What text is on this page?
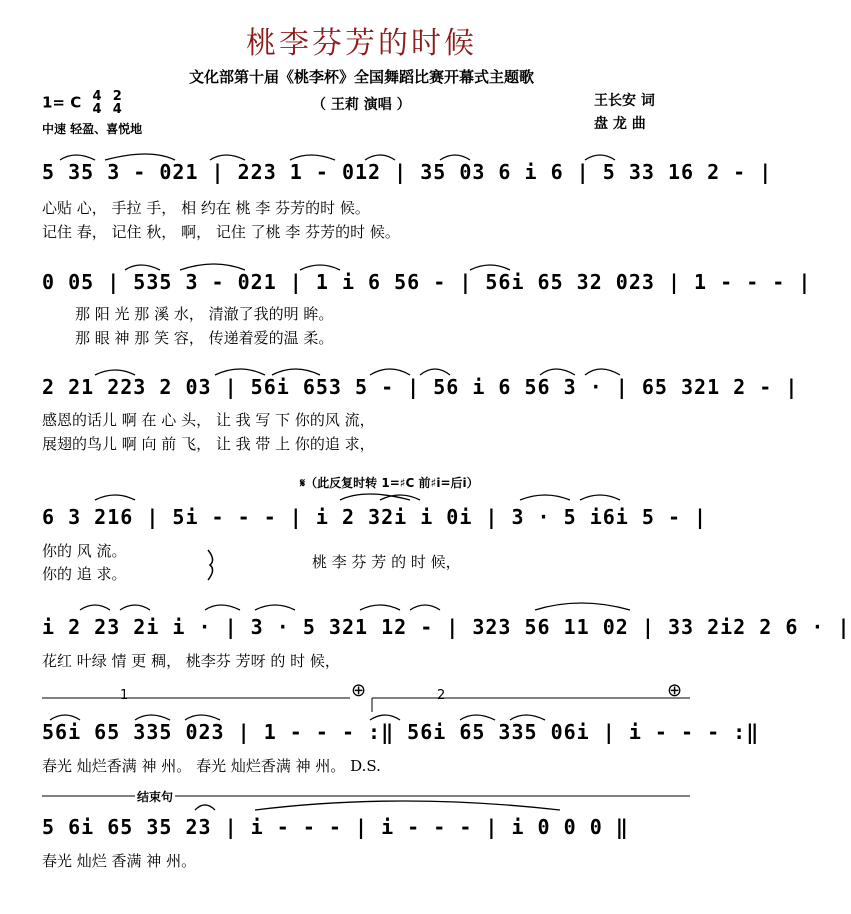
桃李芬芳的时候
文化部第十届《桃李杯》全国舞蹈比赛开幕式主题歌
1= C 4
4 2
4
中速 轻盈、喜悦地
（ 王莉 演唱 ）	王长安 词
盘 龙 曲
5 35 3 - 021 | 223 1 - 012 | 35 03 6 i 6 | 5 33 16 2 - |
心贴 心， 手拉 手， 相 约在 桃 李 芬芳的时 候。
记住 春， 记住 秋， 啊， 记住 了桃 李 芬芳的时 候。
0 05 | 535 3 - 021 | 1 i 6 56 - | 56i 65 32 023 | 1 - - - |
那 阳 光 那 溪 水， 清澈了我的明 眸。
那 眼 神 那 笑 容， 传递着爱的温 柔。
2 21 223 2 03 | 56i 653 5 - | 56 i 6 56 3 · | 65 321 2 - |
感恩的话儿 啊 在 心 头， 让 我 写 下 你的风 流，
展翅的鸟儿 啊 向 前 飞， 让 我 带 上 你的追 求，
𝄋（此反复时转 1=♯C 前♯i=后i）
6 3 216 | 5i - - - | i 2 32i i 0i | 3 · 5 i6i 5 - |
你的 风 流。
你的 追 求。
桃 李 芬 芳 的 时 候，
i 2 23 2i i · | 3 · 5 321 12 - | 323 56 11 02 | 33 2i2 2 6 · |
花红 叶绿 情 更 稠， 桃李芬 芳呀 的 时 候，
1	2
⊕	⊕
56i 65 335 023 | 1 - - - :‖ 56i 65 335 06i | i - - - :‖
春光 灿烂香满 神 州。 春光 灿烂香满 神 州。 D.S.
结束句
5 6i 65 35 23 | i - - - | i - - - | i 0 0 0 ‖
春光 灿烂 香满 神 州。
